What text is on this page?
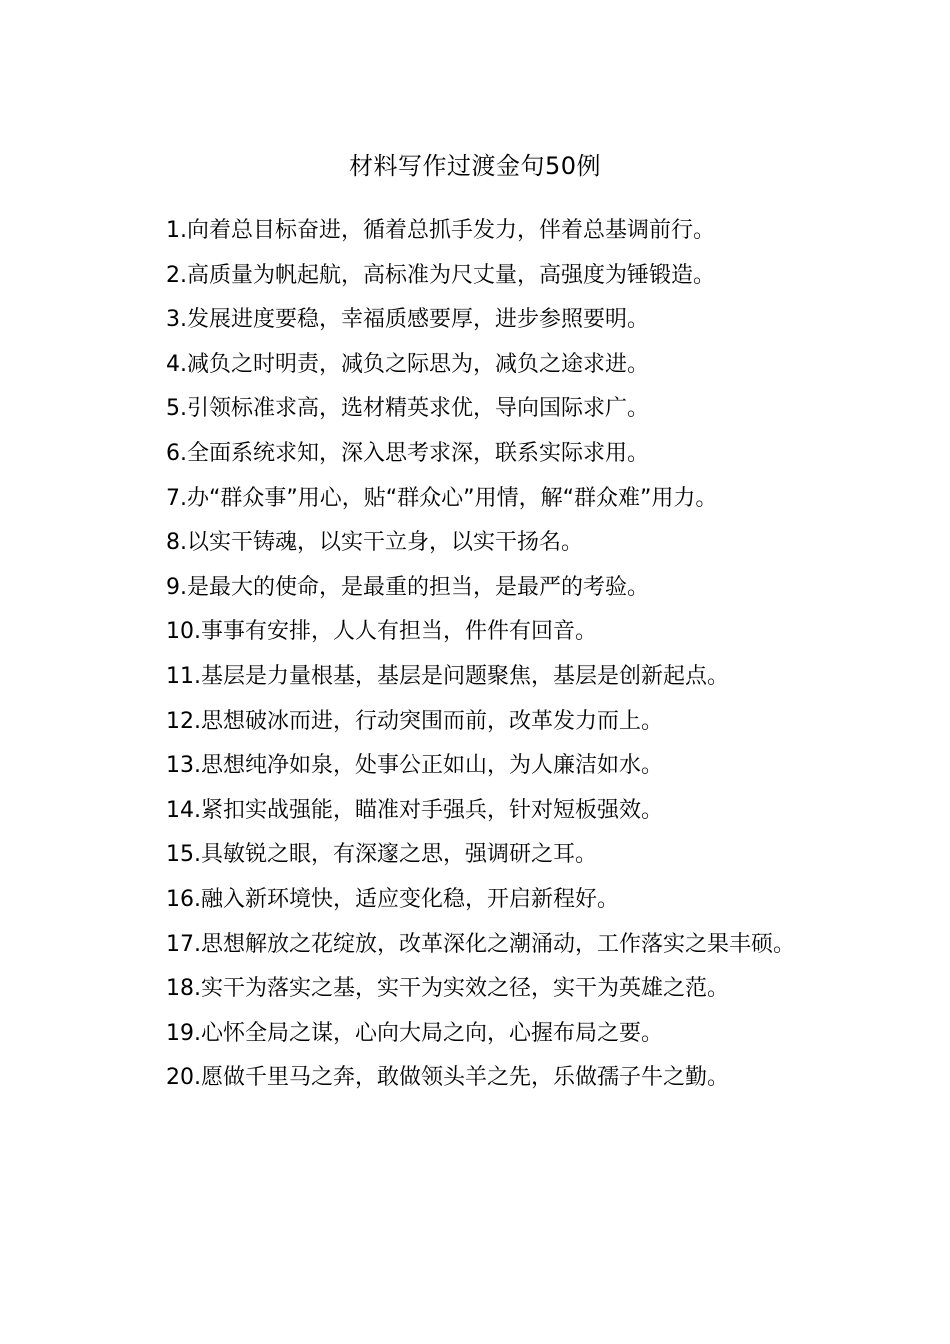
材料写作过渡金句50例

1.向着总目标奋进，循着总抓手发力，伴着总基调前行。

2.高质量为帆起航，高标准为尺丈量，高强度为锤锻造。

3.发展进度要稳，幸福质感要厚，进步参照要明。

4.减负之时明责，减负之际思为，减负之途求进。

5.引领标准求高，选材精英求优，导向国际求广。

6.全面系统求知，深入思考求深，联系实际求用。

7.办“群众事”用心，贴“群众心”用情，解“群众难”用力。

8.以实干铸魂，以实干立身，以实干扬名。

9.是最大的使命，是最重的担当，是最严的考验。

10.事事有安排，人人有担当，件件有回音。

11.基层是力量根基，基层是问题聚焦，基层是创新起点。

12.思想破冰而进，行动突围而前，改革发力而上。

13.思想纯净如泉，处事公正如山，为人廉洁如水。

14.紧扣实战强能，瞄准对手强兵，针对短板强效。

15.具敏锐之眼，有深邃之思，强调研之耳。

16.融入新环境快，适应变化稳，开启新程好。

17.思想解放之花绽放，改革深化之潮涌动，工作落实之果丰硕。

18.实干为落实之基，实干为实效之径，实干为英雄之范。

19.心怀全局之谋，心向大局之向，心握布局之要。

20.愿做千里马之奔，敢做领头羊之先，乐做孺子牛之勤。
